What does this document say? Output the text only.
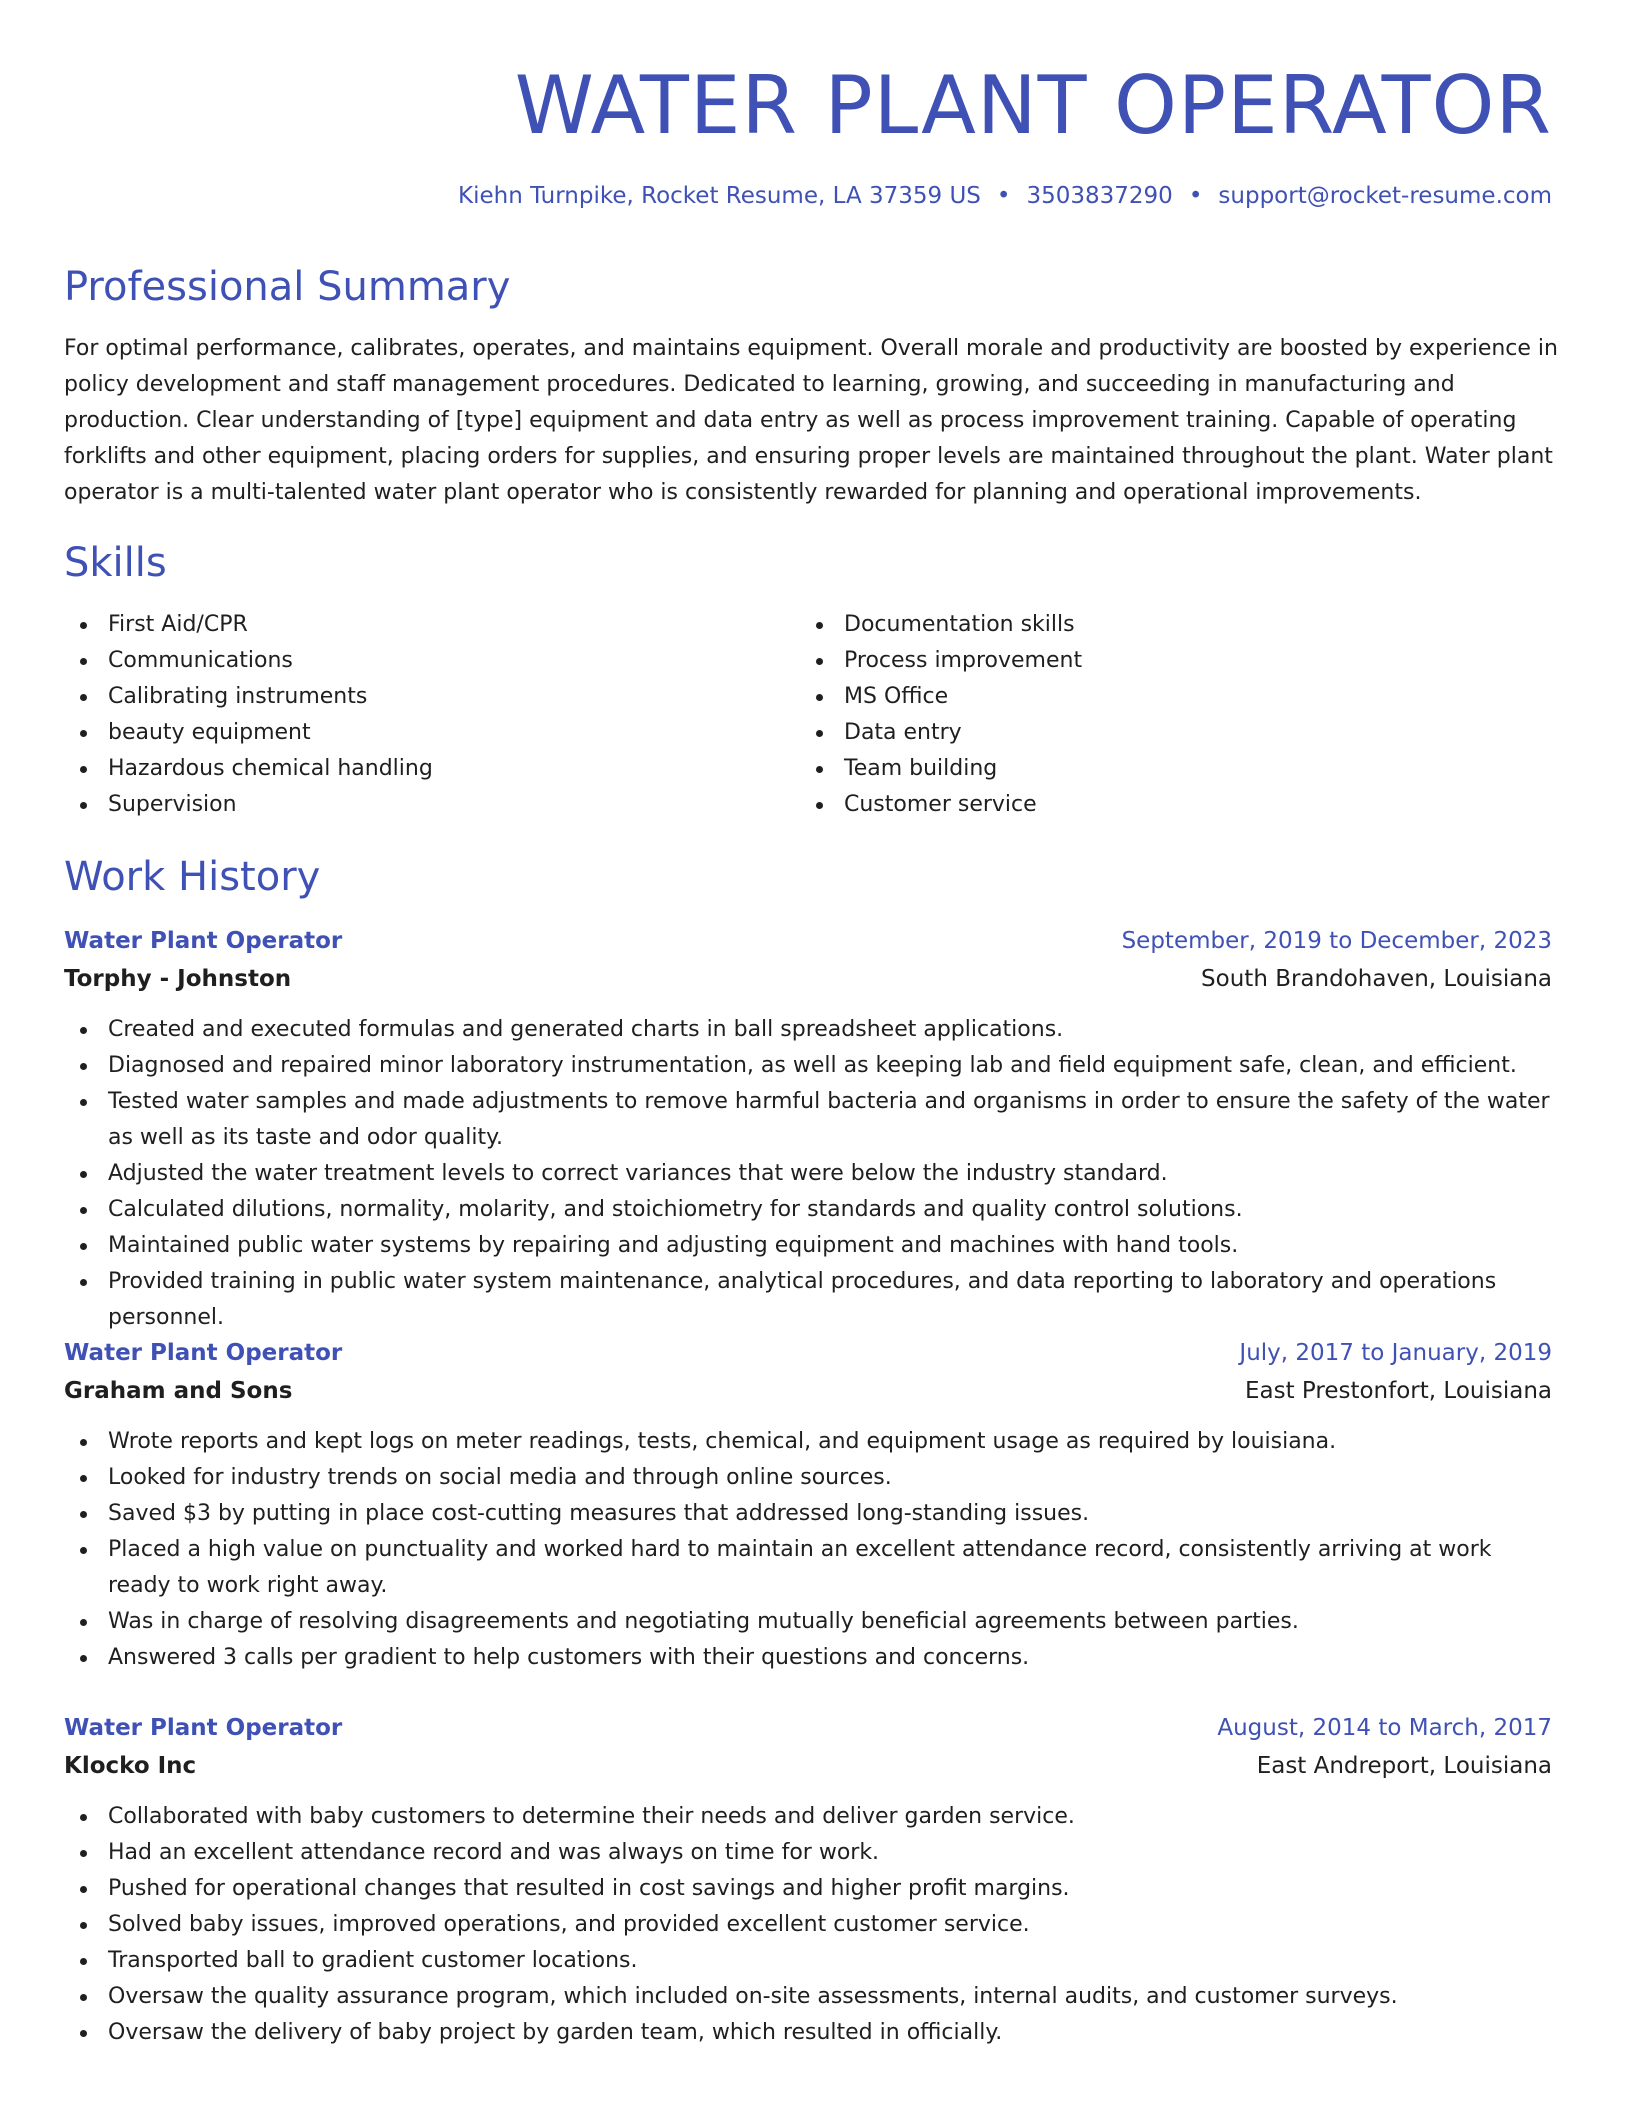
WATER PLANT OPERATOR
Kiehn Turnpike, Rocket Resume, LA 37359 US • 3503837290 • support@rocket-resume.com
Professional Summary

For optimal performance, calibrates, operates, and maintains equipment. Overall morale and productivity are boosted by experience in policy development and staff management procedures. Dedicated to learning, growing, and succeeding in manufacturing and production. Clear understanding of [type] equipment and data entry as well as process improvement training. Capable of operating forklifts and other equipment, placing orders for supplies, and ensuring proper levels are maintained throughout the plant. Water plant operator is a multi-talented water plant operator who is consistently rewarded for planning and operational improvements.

Skills
First Aid/CPR
Communications
Calibrating instruments
beauty equipment
Hazardous chemical handling
Supervision
Documentation skills
Process improvement
MS Office
Data entry
Team building
Customer service
Work History
Water Plant Operator	September, 2019 to December, 2023
Torphy - Johnston	South Brandohaven, Louisiana
Created and executed formulas and generated charts in ball spreadsheet applications.
Diagnosed and repaired minor laboratory instrumentation, as well as keeping lab and field equipment safe, clean, and efficient.
Tested water samples and made adjustments to remove harmful bacteria and organisms in order to ensure the safety of the water as well as its taste and odor quality.
Adjusted the water treatment levels to correct variances that were below the industry standard.
Calculated dilutions, normality, molarity, and stoichiometry for standards and quality control solutions.
Maintained public water systems by repairing and adjusting equipment and machines with hand tools.
Provided training in public water system maintenance, analytical procedures, and data reporting to laboratory and operations personnel.
Water Plant Operator	July, 2017 to January, 2019
Graham and Sons	East Prestonfort, Louisiana
Wrote reports and kept logs on meter readings, tests, chemical, and equipment usage as required by louisiana.
Looked for industry trends on social media and through online sources.
Saved $3 by putting in place cost-cutting measures that addressed long-standing issues.
Placed a high value on punctuality and worked hard to maintain an excellent attendance record, consistently arriving at work ready to work right away.
Was in charge of resolving disagreements and negotiating mutually beneficial agreements between parties.
Answered 3 calls per gradient to help customers with their questions and concerns.
Water Plant Operator	August, 2014 to March, 2017
Klocko Inc	East Andreport, Louisiana
Collaborated with baby customers to determine their needs and deliver garden service.
Had an excellent attendance record and was always on time for work.
Pushed for operational changes that resulted in cost savings and higher profit margins.
Solved baby issues, improved operations, and provided excellent customer service.
Transported ball to gradient customer locations.
Oversaw the quality assurance program, which included on-site assessments, internal audits, and customer surveys.
Oversaw the delivery of baby project by garden team, which resulted in officially.
